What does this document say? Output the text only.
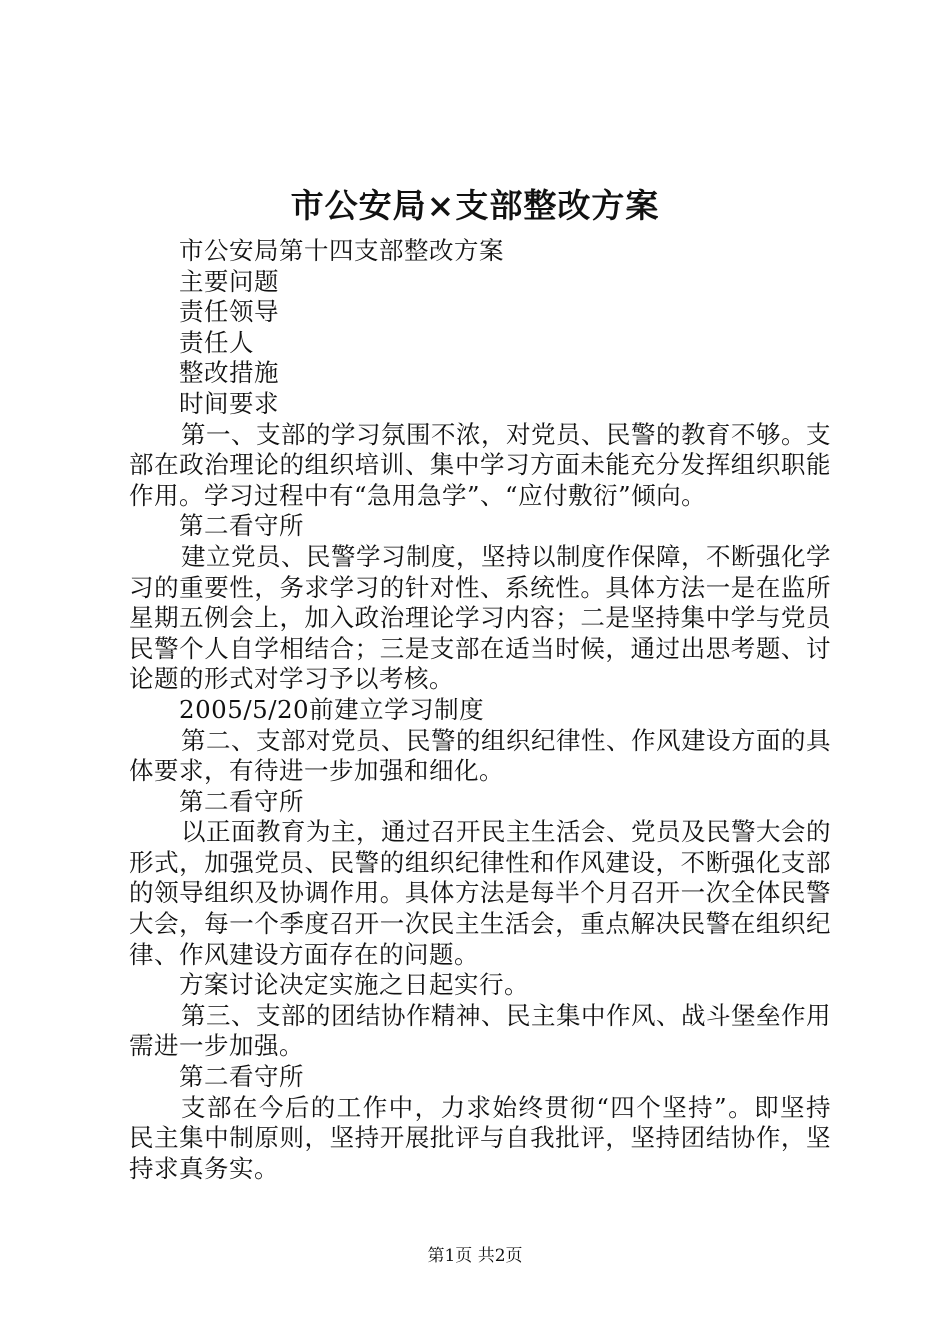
市公安局×支部整改方案

市公安局第十四支部整改方案

主要问题

责任领导

责任人

整改措施

时间要求

第一、支部的学习氛围不浓，对党员、民警的教育不够。支部在政治理论的组织培训、集中学习方面未能充分发挥组织职能作用。学习过程中有“急用急学”、“应付敷衍”倾向。

第二看守所

建立党员、民警学习制度，坚持以制度作保障，不断强化学习的重要性，务求学习的针对性、系统性。具体方法一是在监所星期五例会上，加入政治理论学习内容；二是坚持集中学与党员民警个人自学相结合；三是支部在适当时候，通过出思考题、讨论题的形式对学习予以考核。

2005/5/20前建立学习制度

第二、支部对党员、民警的组织纪律性、作风建设方面的具体要求，有待进一步加强和细化。

第二看守所

以正面教育为主，通过召开民主生活会、党员及民警大会的形式，加强党员、民警的组织纪律性和作风建设，不断强化支部的领导组织及协调作用。具体方法是每半个月召开一次全体民警大会，每一个季度召开一次民主生活会，重点解决民警在组织纪律、作风建设方面存在的问题。

方案讨论决定实施之日起实行。

第三、支部的团结协作精神、民主集中作风、战斗堡垒作用需进一步加强。

第二看守所

支部在今后的工作中，力求始终贯彻“四个坚持”。即坚持民主集中制原则，坚持开展批评与自我批评，坚持团结协作，坚持求真务实。

第1页 共2页
